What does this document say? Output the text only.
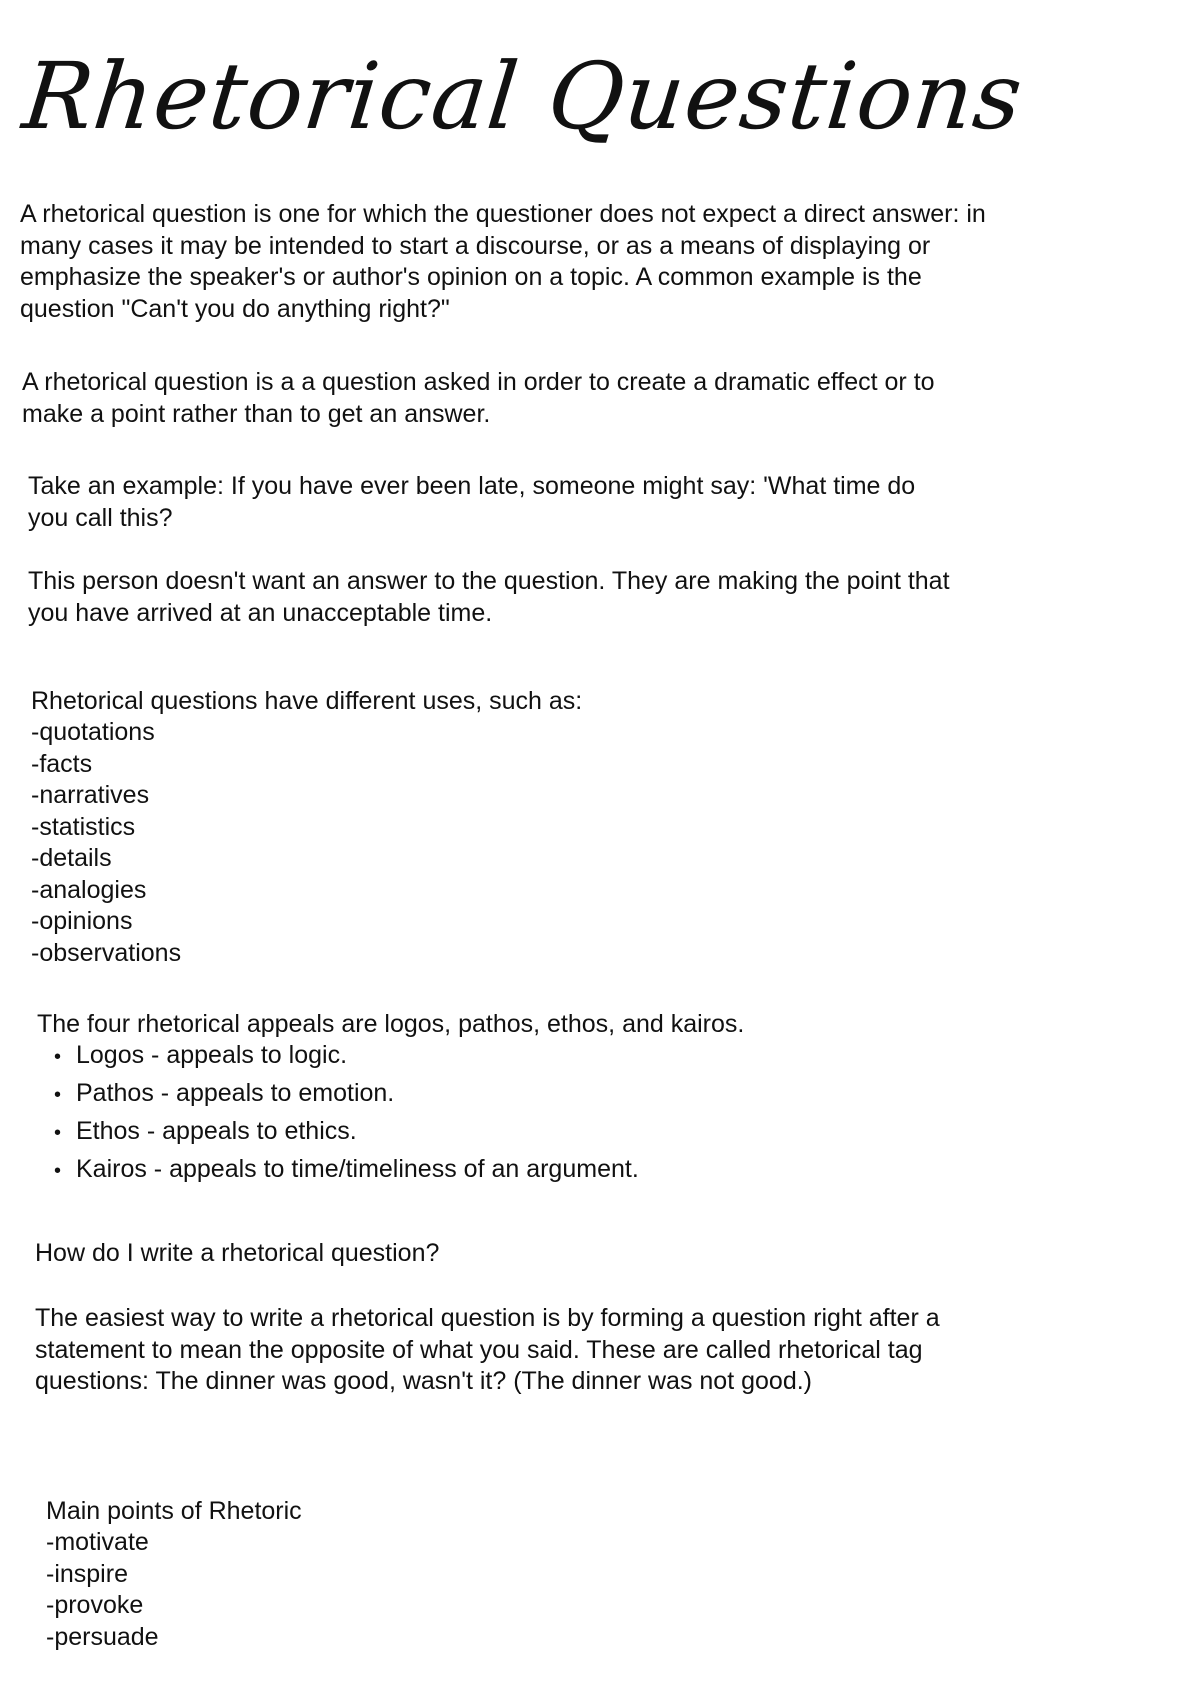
Rhetorical Questions

A rhetorical question is one for which the questioner does not expect a direct answer: in many cases it may be intended to start a discourse, or as a means of displaying or emphasize the speaker's or author's opinion on a topic. A common example is the question "Can't you do anything right?"

A rhetorical question is a a question asked in order to create a dramatic effect or to make a point rather than to get an answer.

Take an example: If you have ever been late, someone might say: 'What time do you call this?

This person doesn't want an answer to the question. They are making the point that you have arrived at an unacceptable time.

Rhetorical questions have different uses, such as:
-quotations
-facts
-narratives
-statistics
-details
-analogies
-opinions
-observations
The four rhetorical appeals are logos, pathos, ethos, and kairos.
• Logos - appeals to logic.
• Pathos - appeals to emotion.
• Ethos - appeals to ethics.
• Kairos - appeals to time/timeliness of an argument.
How do I write a rhetorical question?

The easiest way to write a rhetorical question is by forming a question right after a statement to mean the opposite of what you said. These are called rhetorical tag questions: The dinner was good, wasn't it? (The dinner was not good.)

Main points of Rhetoric
-motivate
-inspire
-provoke
-persuade
